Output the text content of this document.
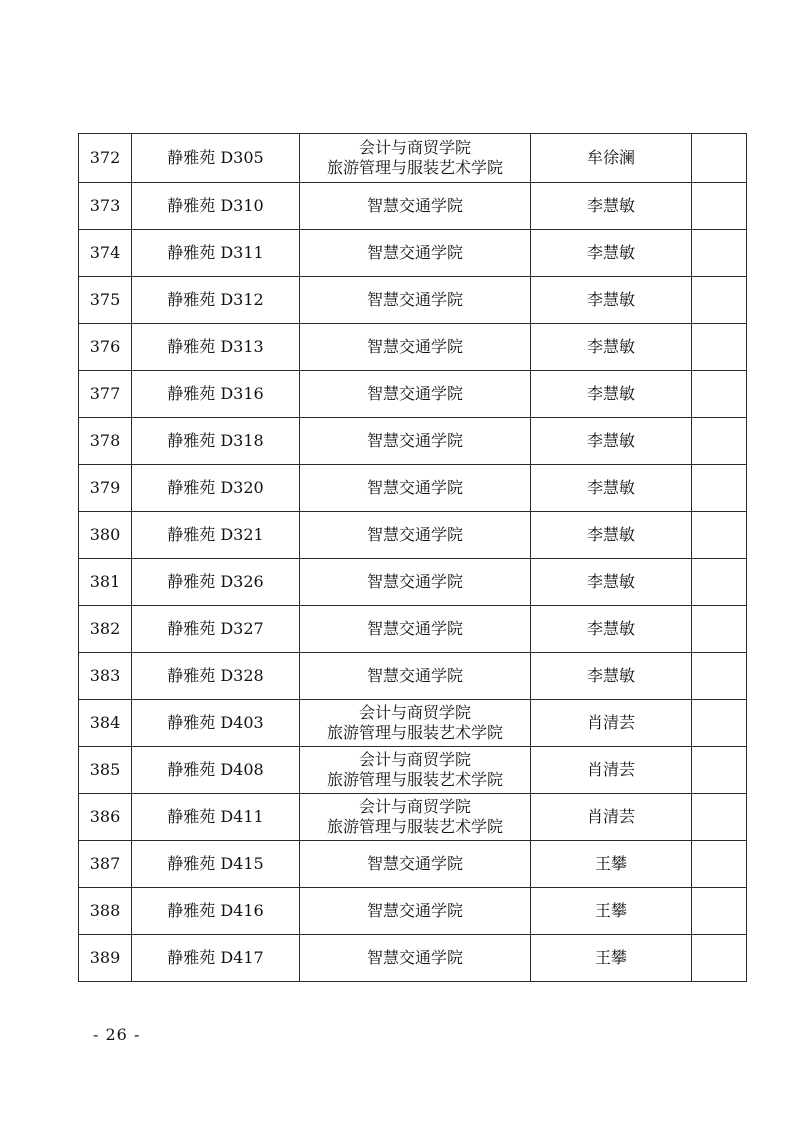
372	静雅苑 D305	会计与商贸学院
旅游管理与服装艺术学院	牟徐澜	
373	静雅苑 D310	智慧交通学院	李慧敏	
374	静雅苑 D311	智慧交通学院	李慧敏	
375	静雅苑 D312	智慧交通学院	李慧敏	
376	静雅苑 D313	智慧交通学院	李慧敏	
377	静雅苑 D316	智慧交通学院	李慧敏	
378	静雅苑 D318	智慧交通学院	李慧敏	
379	静雅苑 D320	智慧交通学院	李慧敏	
380	静雅苑 D321	智慧交通学院	李慧敏	
381	静雅苑 D326	智慧交通学院	李慧敏	
382	静雅苑 D327	智慧交通学院	李慧敏	
383	静雅苑 D328	智慧交通学院	李慧敏	
384	静雅苑 D403	会计与商贸学院
旅游管理与服装艺术学院	肖清芸	
385	静雅苑 D408	会计与商贸学院
旅游管理与服装艺术学院	肖清芸	
386	静雅苑 D411	会计与商贸学院
旅游管理与服装艺术学院	肖清芸	
387	静雅苑 D415	智慧交通学院	王攀	
388	静雅苑 D416	智慧交通学院	王攀	
389	静雅苑 D417	智慧交通学院	王攀	
- 26 -
